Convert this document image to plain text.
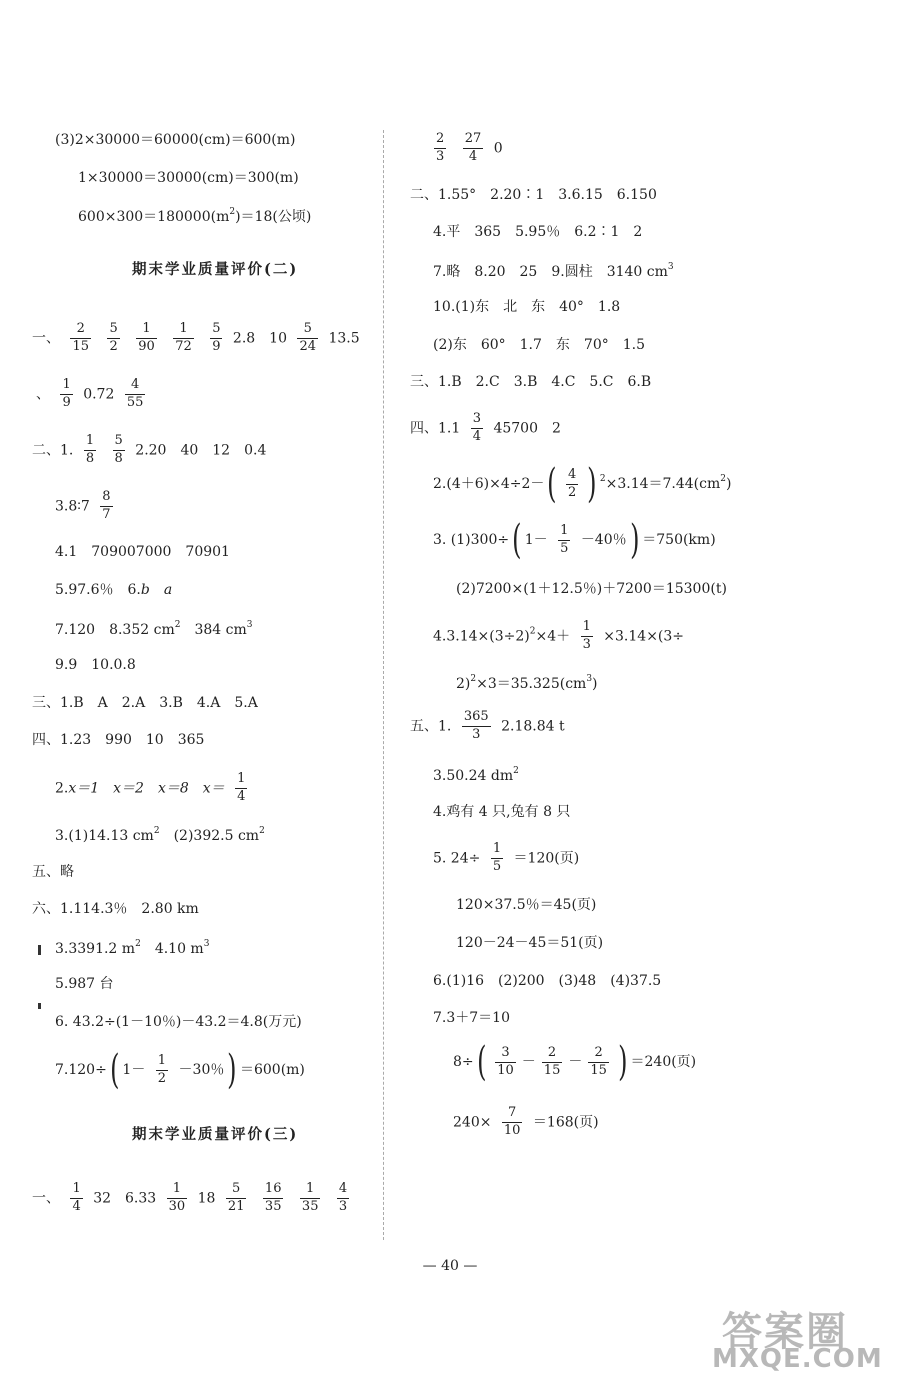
(3)2×30000＝60000(cm)＝600(m)
1×30000＝30000(cm)＝300(m)
$600\times 300=180000(m^2)=18$(公顷)
期末学业质量评价(二)
一、 $\frac{2}{15}$
$\frac{5}{2}$
$\frac{1}{90}$
$\frac{1}{72}$
$\frac{5}{9} 2.8$　$10 \frac{5}{24} 13.5$
、 $\frac{1}{9} 0.72 \frac{4}{55}$
二、1. $\frac{1}{8}$
$\frac{5}{8} 2.20$　40　12　0.4
3.8∶7 $\frac{8}{7}$
4.1　709007000　70901
5.97.6％　6.b　 a
7.120　8.352 $cm^2$　 384 $cm^3$
9.9　10.0.8
三、1.B　A　2.A　3.B　4.A　5.A
四、1.23　990　10　365
2.x＝1　x＝2　x＝8　$x= \frac{1}{4}$
3.(1)14.13 $cm^2$　 (2)392.5 $cm^2$
五、略
六、1.114.3％　2.80 km
3.3391.2 $m^2$　 4.10 $m^3$
5.987 台
6. 43.2÷(1－10％)－43.2＝4.8(万元)
7.120÷( $1- \frac{1}{2} -30$％) ＝600(m)
期末学业质量评价(三)
一、 $\frac{1}{4} 32$　$6.33 \frac{1}{30} 18 \frac{5}{21}$
$\frac{16}{35}$
$\frac{1}{35}$
$\frac{4}{3}$
$\frac{2}{3}$
$\frac{27}{4} 0$
二、1.55°　2.20∶1　3.6.15　6.150
4.平　365　5.95％　6.2∶1　2
7.略　8.20　25　9.圆柱　3140 $cm^3$
10.(1)东　北　东　40°　1.8
(2)东　60°　1.7　东　70°　1.5
三、1.B　2.C　3.B　4.C　5.C　6.B
四、$1.1 \frac{3}{4} 45700$　2
$2.(4+6)\times 4\div 2-( \frac{4}{2}$ ) $^2\times 3.14=7.44(cm^2)$
3. (1)300÷( $1- \frac{1}{5} -40$％) ＝750(km)
(2)7200×(1＋12.5％)＋7200＝15300(t)
$4.3.14\times(3\div 2)^2\times 4+ \frac{1}{3} \times 3.14\times(3\div$
$2)^2\times 3=35.325(cm^3)$
五、1. $\frac{365}{3} 2.18.84$ t
3.50.24 $dm^2$
4.鸡有 4 只,兔有 8 只
5. $24\div \frac{1}{5} =120$(页)
120×37.5％＝45(页)
120－24－45＝51(页)
6.(1)16　(2)200　(3)48　(4)37.5
7.3＋7＝10
$8\div( \frac{3}{10} - \frac{2}{15} - \frac{2}{15}$ ) ＝240(页)
$240\times \frac{7}{10} =168$(页)
— 40 —
答案圈
MXQE.COM
